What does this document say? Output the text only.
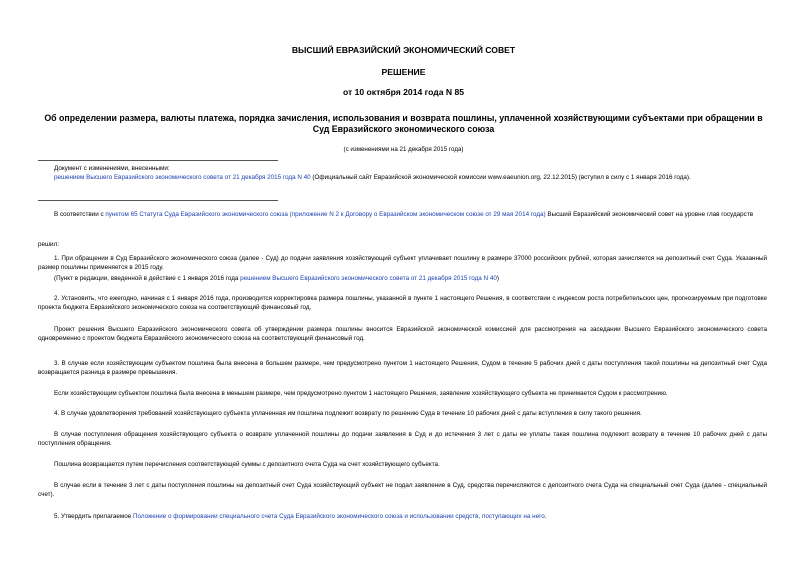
ВЫСШИЙ ЕВРАЗИЙСКИЙ ЭКОНОМИЧЕСКИЙ СОВЕТ
РЕШЕНИЕ
от 10 октября 2014 года N 85
Об определении размера, валюты платежа, порядка зачисления, использования и возврата пошлины, уплаченной хозяйствующими субъектами при обращении в Суд Евразийского экономического союза
(с изменениями на 21 декабря 2015 года)
Документ с изменениями, внесенными:
решением Высшего Евразийского экономического совета от 21 декабря 2015 года N 40 (Официальный сайт Евразийской экономической комиссии www.eaeunion.org, 22.12.2015) (вступил в силу с 1 января 2016 года).
В соответствии с пунктом 65 Статута Суда Евразийского экономического союза (приложение N 2 к Договору о Евразийском экономическом союзе от 29 мая 2014 года) Высший Евразийский экономический совет на уровне глав государств
решил:
1. При обращении в Суд Евразийского экономического союза (далее - Суд) до подачи заявления хозяйствующий субъект уплачивает пошлину в размере 37000 российских рублей, которая зачисляется на депозитный счет Суда. Указанный размер пошлины применяется в 2015 году.
(Пункт в редакции, введенной в действие с 1 января 2016 года решением Высшего Евразийского экономического совета от 21 декабря 2015 года N 40)
2. Установить, что ежегодно, начиная с 1 января 2016 года, производится корректировка размера пошлины, указанной в пункте 1 настоящего Решения, в соответствии с индексом роста потребительских цен, прогнозируемым при подготовке проекта бюджета Евразийского экономического союза на соответствующий финансовый год.
Проект решения Высшего Евразийского экономического совета об утверждении размера пошлины вносится Евразийской экономической комиссией для рассмотрения на заседании Высшего Евразийского экономического совета одновременно с проектом бюджета Евразийского экономического союза на соответствующий финансовый год.
3. В случае если хозяйствующим субъектом пошлина была внесена в большем размере, чем предусмотрено пунктом 1 настоящего Решения, Судом в течение 5 рабочих дней с даты поступления такой пошлины на депозитный счет Суда возвращается разница в размере превышения.
Если хозяйствующим субъектом пошлина была внесена в меньшем размере, чем предусмотрено пунктом 1 настоящего Решения, заявление хозяйствующего субъекта не принимается Судом к рассмотрению.
4. В случае удовлетворения требований хозяйствующего субъекта уплаченная им пошлина подлежит возврату по решению Суда в течение 10 рабочих дней с даты вступления в силу такого решения.
В случае поступления обращения хозяйствующего субъекта о возврате уплаченной пошлины до подачи заявления в Суд и до истечения 3 лет с даты ее уплаты такая пошлина подлежит возврату в течение 10 рабочих дней с даты поступления обращения.
Пошлина возвращается путем перечисления соответствующей суммы с депозитного счета Суда на счет хозяйствующего субъекта.
В случае если в течение 3 лет с даты поступления пошлины на депозитный счет Суда хозяйствующий субъект не подал заявление в Суд, средства перечисляются с депозитного счета Суда на специальный счет Суда (далее - специальный счет).
5. Утвердить прилагаемое Положение о формировании специального счета Суда Евразийского экономического союза и использовании средств, поступающих на него.
